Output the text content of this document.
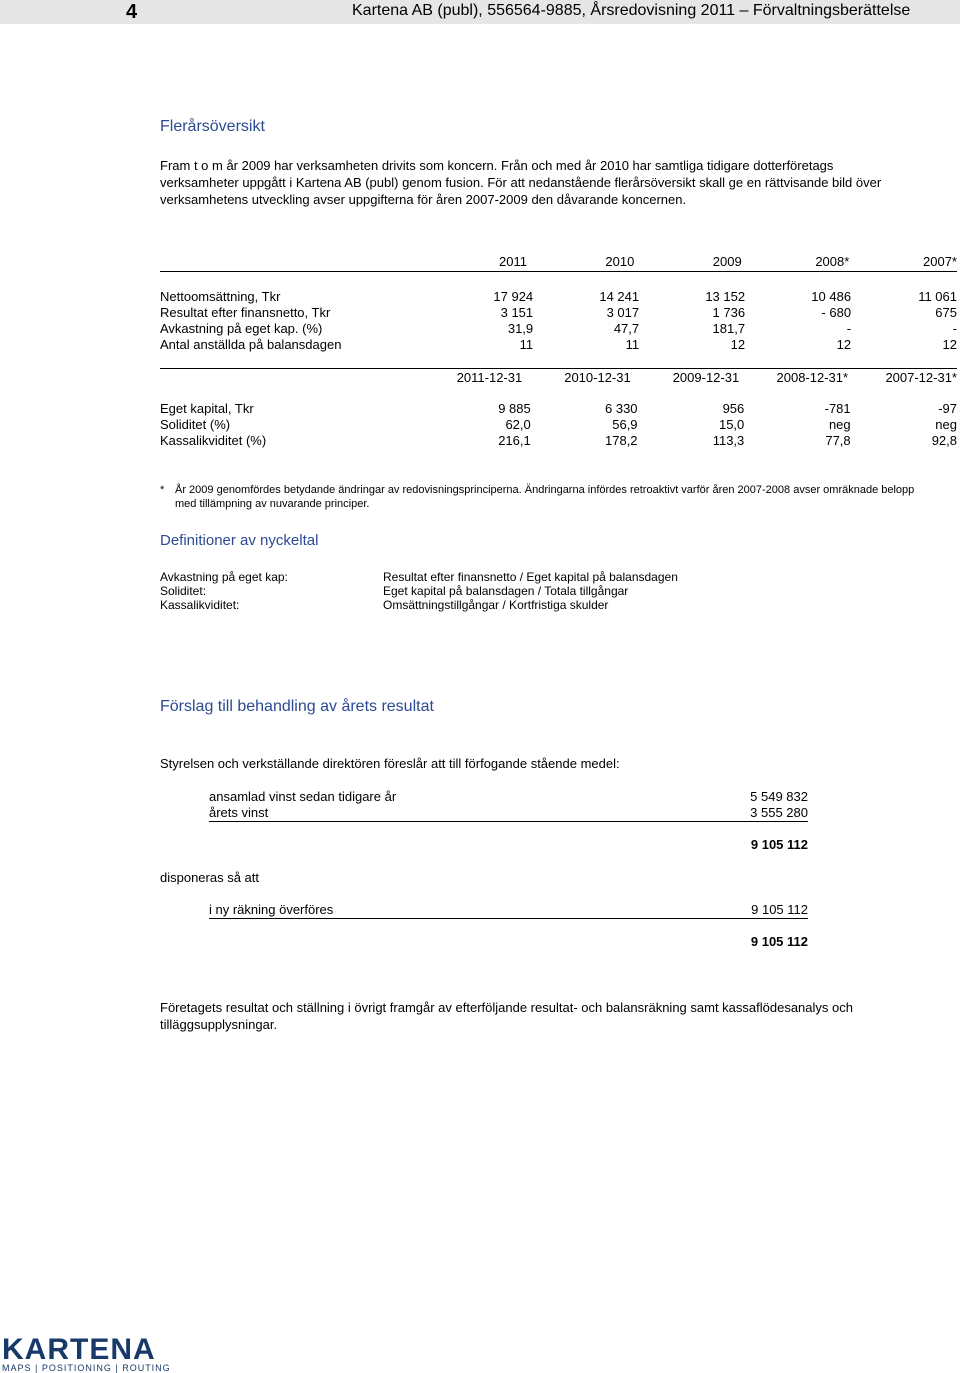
4	Kartena AB (publ), 556564-9885, Årsredovisning 2011 – Förvaltningsberättelse
Flerårsöversikt
Fram t o m år 2009 har verksamheten drivits som koncern. Från och med år 2010 har samtliga tidigare dotterföretags verksamheter uppgått i Kartena AB (publ) genom fusion. För att nedanstående flerårsöversikt skall ge en rättvisande bild över verksamhetens utveckling avser uppgifterna för åren 2007-2009 den dåvarande koncernen.
	2011	2010	2009	2008*	2007*
Nettoomsättning, Tkr	17 924	14 241	13 152	10 486	11 061
Resultat efter finansnetto, Tkr	3 151	3 017	1 736	- 680	675
Avkastning på eget kap. (%)	31,9	47,7	181,7	-	-
Antal anställda på balansdagen	11	11	12	12	12
	2011-12-31	2010-12-31	2009-12-31	2008-12-31*	2007-12-31*
Eget kapital, Tkr	9 885	6 330	956	-781	-97
Soliditet (%)	62,0	56,9	15,0	neg	neg
Kassalikviditet (%)	216,1	178,2	113,3	77,8	92,8
* År 2009 genomfördes betydande ändringar av redovisningsprinciperna. Ändringarna infördes retroaktivt varför åren 2007-2008 avser omräknade belopp med tillämpning av nuvarande principer.
Definitioner av nyckeltal
Avkastning på eget kap:	Resultat efter finansnetto / Eget kapital på balansdagen
Soliditet:	Eget kapital på balansdagen / Totala tillgångar
Kassalikviditet:	Omsättningstillgångar / Kortfristiga skulder
Förslag till behandling av årets resultat
Styrelsen och verkställande direktören föreslår att till förfogande stående medel:
ansamlad vinst sedan tidigare år	5 549 832
årets vinst	3 555 280
9 105 112
disponeras så att
i ny räkning överföres	9 105 112
9 105 112
Företagets resultat och ställning i övrigt framgår av efterföljande resultat- och balansräkning samt kassaflödesanalys och tilläggsupplysningar.
KARTENA
MAPS | POSITIONING | ROUTING
